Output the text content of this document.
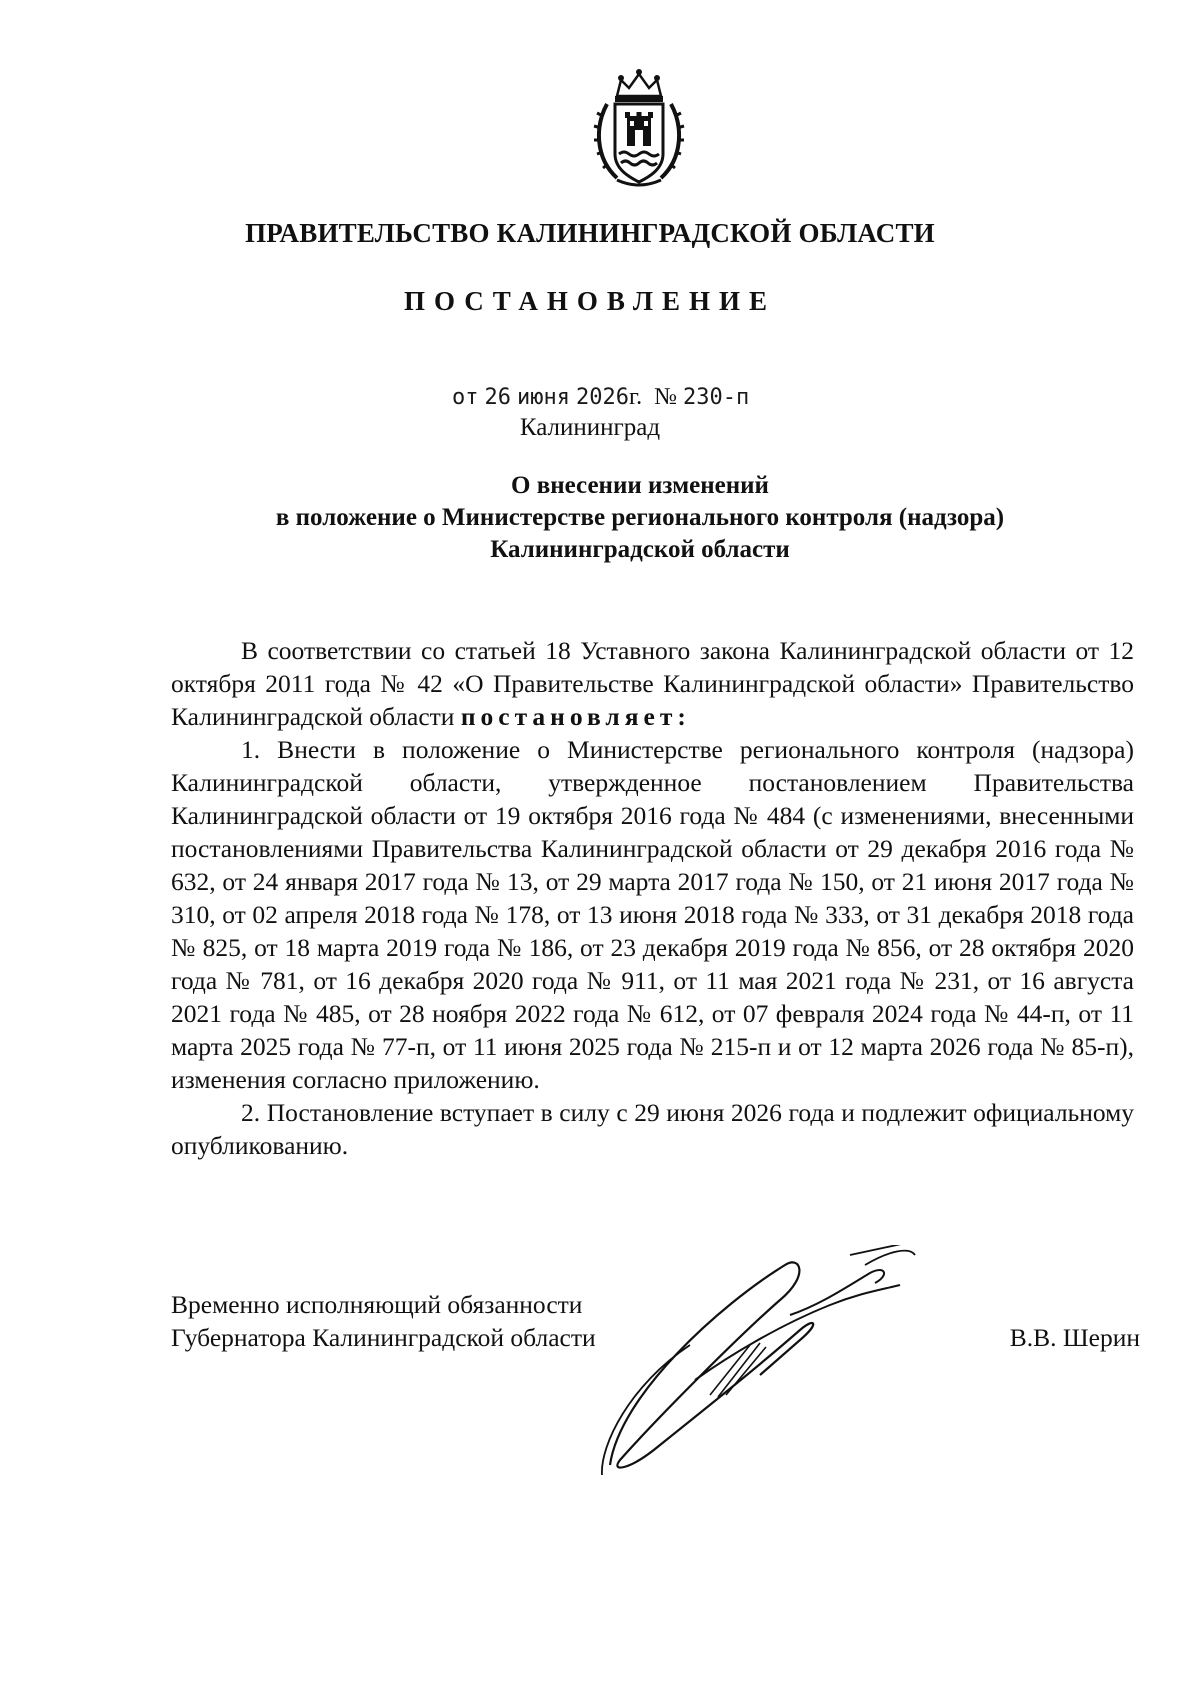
ПРАВИТЕЛЬСТВО КАЛИНИНГРАДСКОЙ ОБЛАСТИ
ПОСТАНОВЛЕНИЕ
от 26 июня 2026г. № 230-п
Калининград
О внесении изменений
в положение о Министерстве регионального контроля (надзора)
Калининградской области

В соответствии со статьей 18 Уставного закона Калининградской области от 12 октября 2011 года № 42 «О Правительстве Калининградской области» Правительство Калининградской области постановляет:

1. Внести в положение о Министерстве регионального контроля (надзора) Калининградской области, утвержденное постановлением Правительства Калининградской области от 19 октября 2016 года № 484 (с изменениями, внесенными постановлениями Правительства Калининградской области от 29 декабря 2016 года № 632, от 24 января 2017 года № 13, от 29 марта 2017 года № 150, от 21 июня 2017 года № 310, от 02 апреля 2018 года № 178, от 13 июня 2018 года № 333, от 31 декабря 2018 года № 825, от 18 марта 2019 года № 186, от 23 декабря 2019 года № 856, от 28 октября 2020 года № 781, от 16 декабря 2020 года № 911, от 11 мая 2021 года № 231, от 16 августа 2021 года № 485, от 28 ноября 2022 года № 612, от 07 февраля 2024 года № 44-п, от 11 марта 2025 года № 77-п, от 11 июня 2025 года № 215-п и от 12 марта 2026 года № 85-п), изменения согласно приложению.

2. Постановление вступает в силу с 29 июня 2026 года и подлежит официальному опубликованию.

Временно исполняющий обязанности
Губернатора Калининградской области	В.В. Шерин
